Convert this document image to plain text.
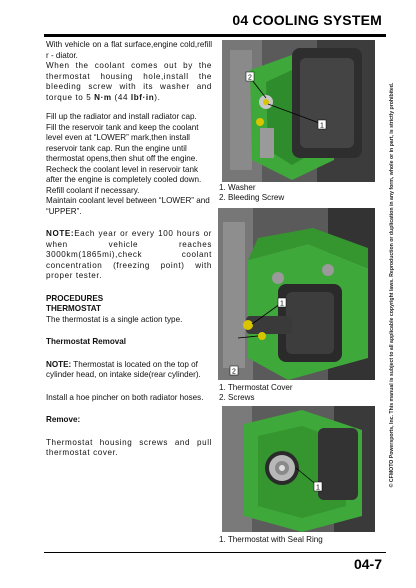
04 COOLING SYSTEM

With vehicle on a flat surface,engine cold,refill r - diator.

When the coolant comes out by the thermostat housing hole,install the bleeding screw with its washer and torque to 5 N·m (44 lbf·in).

Fill up the radiator and install radiator cap.

Fill the reservoir tank and keep the coolant level even at “LOWER” mark,then install reservoir tank cap. Run the engine until thermostat opens,then shut off the engine.

Recheck the coolant level in reservoir tank after the engine is completely cooled down. Refill coolant if necessary.

Maintain coolant level between “LOWER” and “UPPER”.

NOTE:Each year or every 100 hours or when vehicle reaches 3000km(1865mi),check coolant concentration (freezing point) with proper tester.

PROCEDURES

THERMOSTAT

The thermostat is a single action type.

Thermostat Removal

NOTE: Thermostat is located on the top of cylinder head, on intake side(rear cylinder).

Install a hoe pincher on both radiator hoses.

Remove:

Thermostat housing screws and pull thermostat cover.

2
1
1. Washer
2. Bleeding Screw
1
2
1. Thermostat Cover
2. Screws
1
1. Thermostat with Seal Ring
© CFMOTO Powersports, Inc. This manual is subject to all applicable copyright laws. Reproduction or duplication in any form, whole or in part, is strictly prohibited.
04-7
